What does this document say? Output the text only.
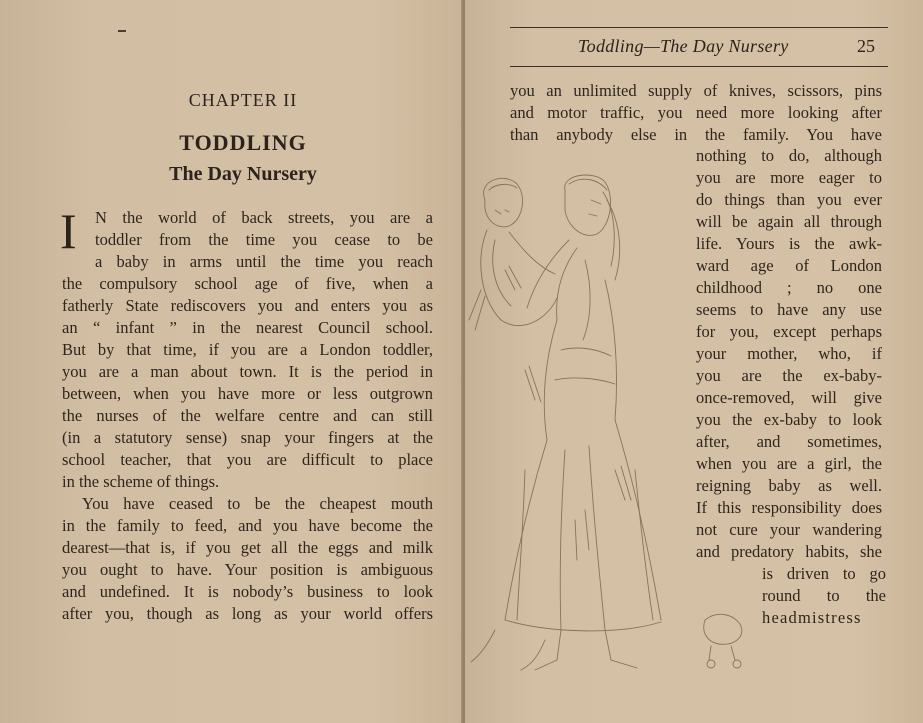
CHAPTER II
TODDLING
The Day Nursery
I N the world of back streets, you are a
toddler from the time you cease to be
a baby in arms until the time you reach
the compulsory school age of five, when a
fatherly State rediscovers you and enters you as
an “ infant ” in the nearest Council school.
But by that time, if you are a London toddler,
you are a man about town. It is the period in
between, when you have more or less outgrown
the nurses of the welfare centre and can still
(in a statutory sense) snap your fingers at the
school teacher, that you are difficult to place
in the scheme of things.
You have ceased to be the cheapest mouth
in the family to feed, and you have become the
dearest—that is, if you get all the eggs and milk
you ought to have. Your position is ambiguous
and undefined. It is nobody’s business to look
after you, though as long as your world offers
Toddling—The Day Nursery	25
you an unlimited supply of knives, scissors, pins
and motor traffic, you need more looking after
than anybody else in the family. You have
nothing to do, although
you are more eager to
do things than you ever
will be again all through
life. Yours is the awk-
ward age of London
childhood ; no one
seems to have any use
for you, except perhaps
your mother, who, if
you are the ex-baby-
once-removed, will give
you the ex-baby to look
after, and sometimes,
when you are a girl, the
reigning baby as well.
If this responsibility does
not cure your wandering
and predatory habits, she
is driven to go
round to the
headmistress
